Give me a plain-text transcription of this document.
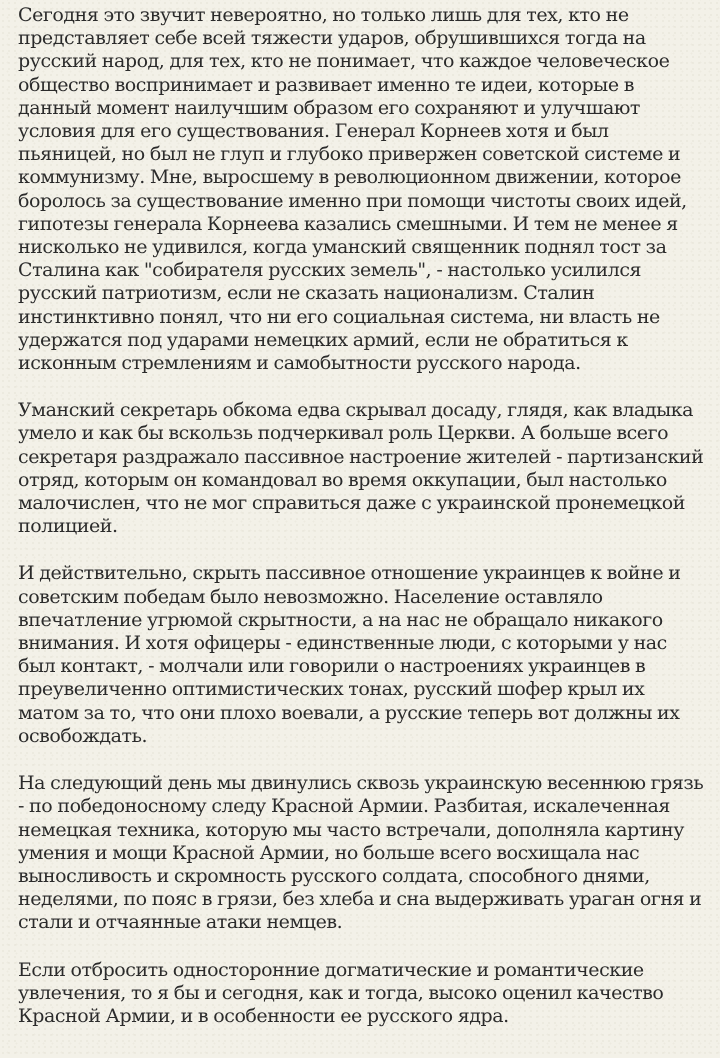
Сегодня это звучит невероятно, но только лишь для тех, кто не представляет себе всей тяжести ударов, обрушившихся тогда на русский народ, для тех, кто не понимает, что каждое человеческое общество воспринимает и развивает именно те идеи, которые в данный момент наилучшим образом его сохраняют и улучшают условия для его существования. Генерал Корнеев хотя и был пьяницей, но был не глуп и глубоко привержен советской системе и коммунизму. Мне, выросшему в революционном движении, которое боролось за существование именно при помощи чистоты своих идей, гипотезы генерала Корнеева казались смешными. И тем не менее я нисколько не удивился, когда уманский священник поднял тост за Сталина как "собирателя русских земель", - настолько усилился русский патриотизм, если не сказать национализм. Сталин инстинктивно понял, что ни его социальная система, ни власть не удержатся под ударами немецких армий, если не обратиться к исконным стремлениям и самобытности русского народа.

Уманский секретарь обкома едва скрывал досаду, глядя, как владыка умело и как бы вскользь подчеркивал роль Церкви. А больше всего секретаря раздражало пассивное настроение жителей - партизанский отряд, которым он командовал во время оккупации, был настолько малочислен, что не мог справиться даже с украинской пронемецкой полицией.

И действительно, скрыть пассивное отношение украинцев к войне и советским победам было невозможно. Население оставляло впечатление угрюмой скрытности, а на нас не обращало никакого внимания. И хотя офицеры - единственные люди, с которыми у нас был контакт, - молчали или говорили о настроениях украинцев в преувеличенно оптимистических тонах, русский шофер крыл их матом за то, что они плохо воевали, а русские теперь вот должны их освобождать.

На следующий день мы двинулись сквозь украинскую весеннюю грязь - по победоносному следу Красной Армии. Разбитая, искалеченная немецкая техника, которую мы часто встречали, дополняла картину умения и мощи Красной Армии, но больше всего восхищала нас выносливость и скромность русского солдата, способного днями, неделями, по пояс в грязи, без хлеба и сна выдерживать ураган огня и стали и отчаянные атаки немцев.

Если отбросить односторонние догматические и романтические увлечения, то я бы и сегодня, как и тогда, высоко оценил качество Красной Армии, и в особенности ее русского ядра.
